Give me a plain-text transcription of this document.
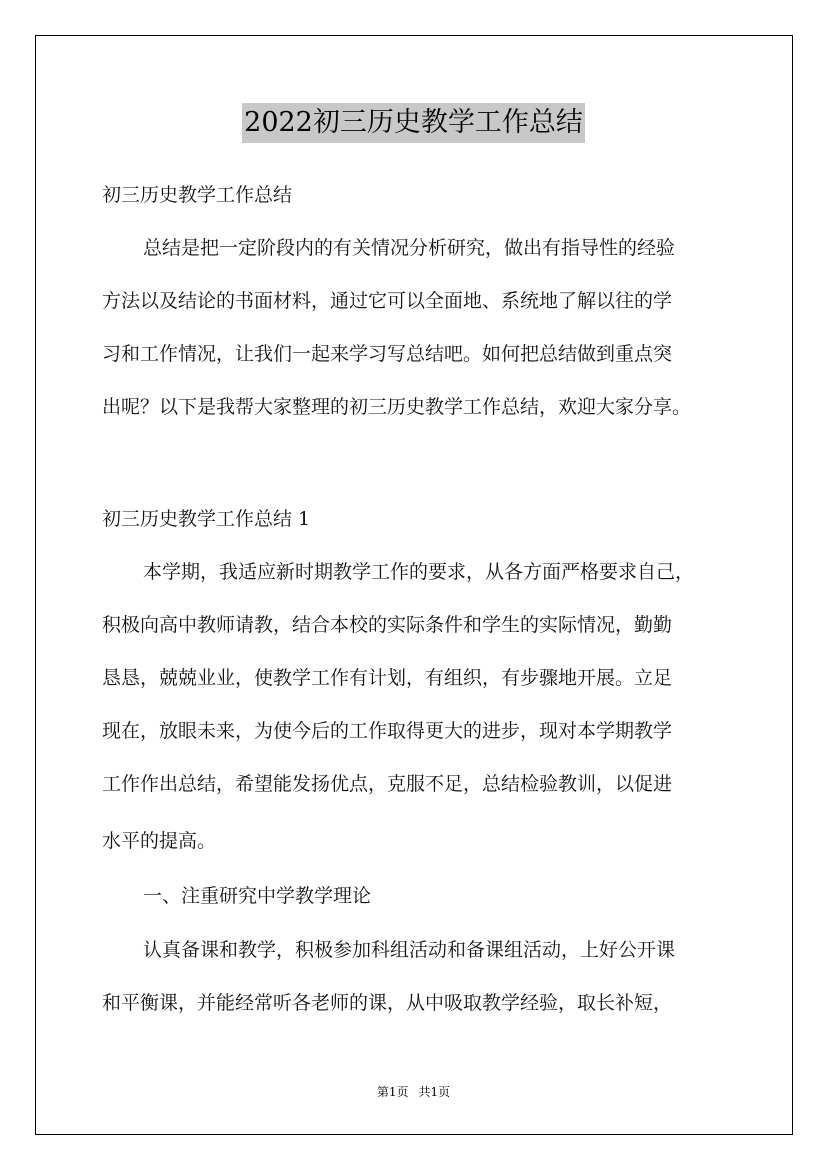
2022初三历史教学工作总结
初三历史教学工作总结
总结是把一定阶段内的有关情况分析研究，做出有指导性的经验
方法以及结论的书面材料，通过它可以全面地、系统地了解以往的学
习和工作情况，让我们一起来学习写总结吧。如何把总结做到重点突
出呢？以下是我帮大家整理的初三历史教学工作总结，欢迎大家分享。
初三历史教学工作总结 1
本学期，我适应新时期教学工作的要求，从各方面严格要求自己，
积极向高中教师请教，结合本校的实际条件和学生的实际情况，勤勤
恳恳，兢兢业业，使教学工作有计划，有组织，有步骤地开展。立足
现在，放眼未来，为使今后的工作取得更大的进步，现对本学期教学
工作作出总结，希望能发扬优点，克服不足，总结检验教训，以促进
水平的提高。
一、注重研究中学教学理论
认真备课和教学，积极参加科组活动和备课组活动，上好公开课
和平衡课，并能经常听各老师的课，从中吸取教学经验，取长补短，
第1页 共1页
